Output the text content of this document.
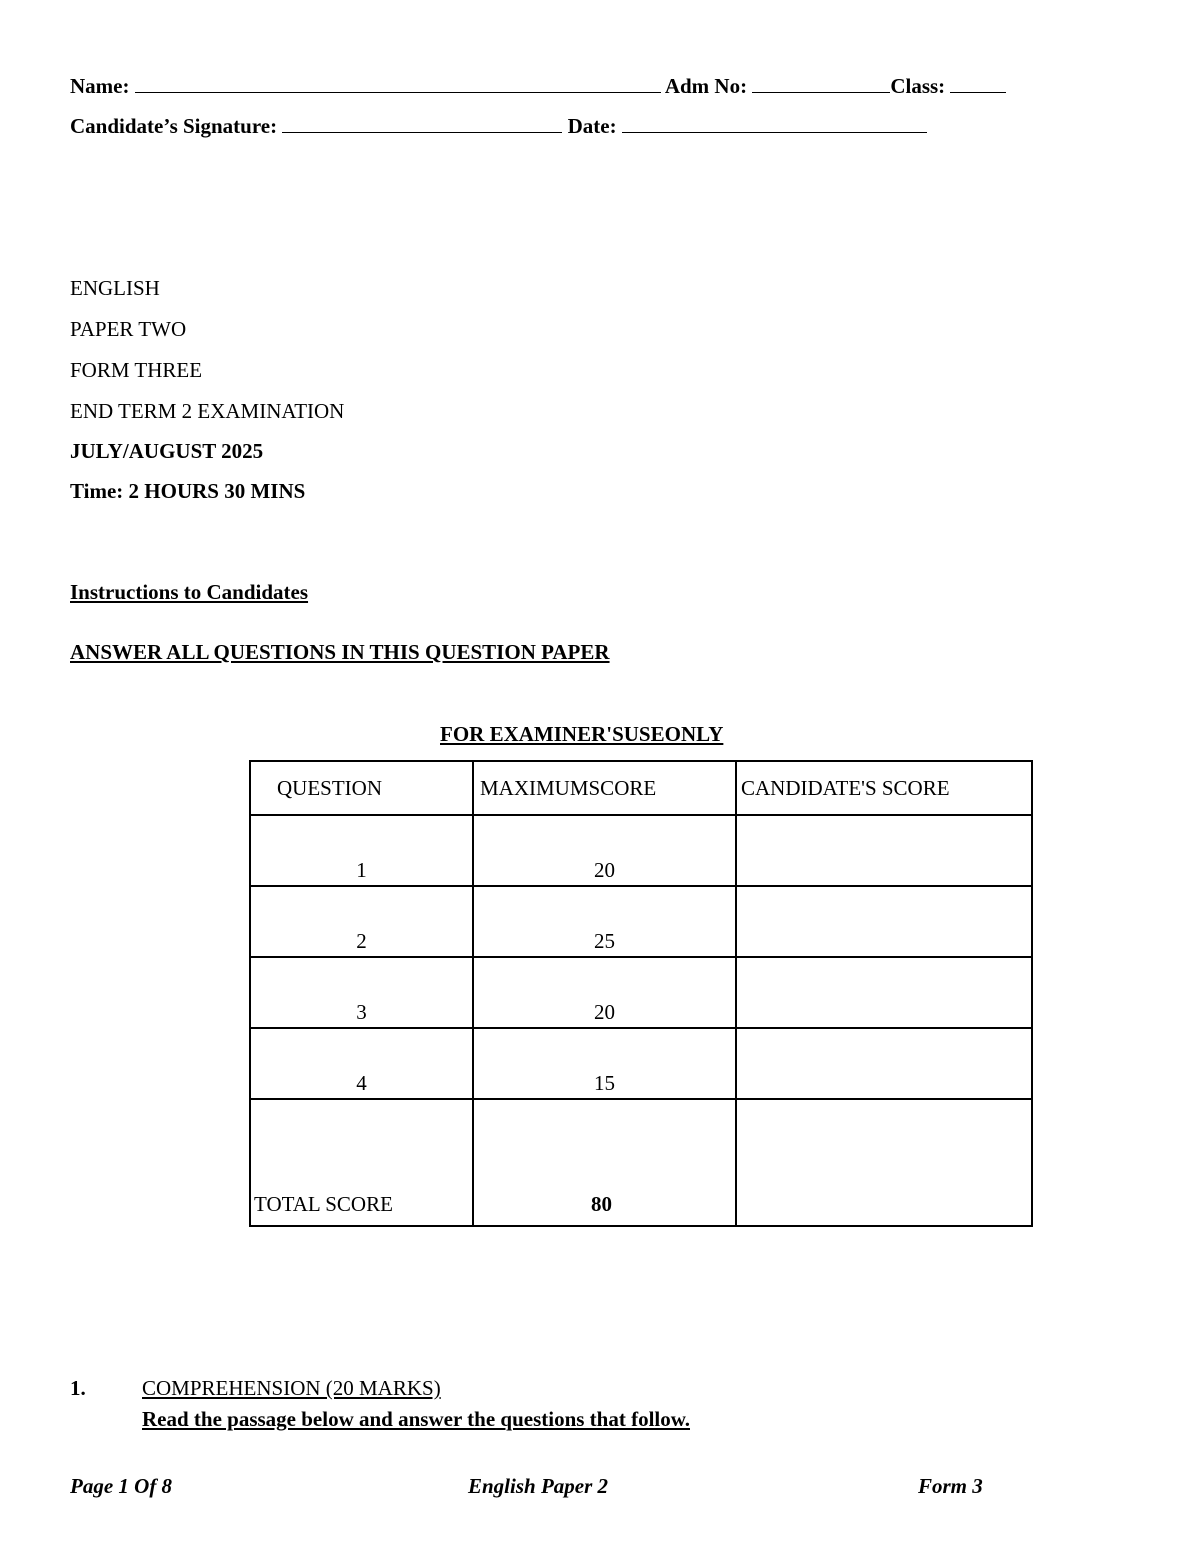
Name:	Adm No:	Class:
Candidate’s Signature:	Date:
ENGLISH
PAPER TWO
FORM THREE
END TERM 2 EXAMINATION
JULY/AUGUST 2025
Time: 2 HOURS 30 MINS
Instructions to Candidates
ANSWER ALL QUESTIONS IN THIS QUESTION PAPER
FOR EXAMINER'SUSEONLY
QUESTION	MAXIMUMSCORE	CANDIDATE'S SCORE
1	20	
2	25	
3	20	
4	15	
TOTAL SCORE	80	
1.	COMPREHENSION (20 MARKS)
Read the passage below and answer the questions that follow.
Page 1 Of 8	English Paper 2	Form 3
